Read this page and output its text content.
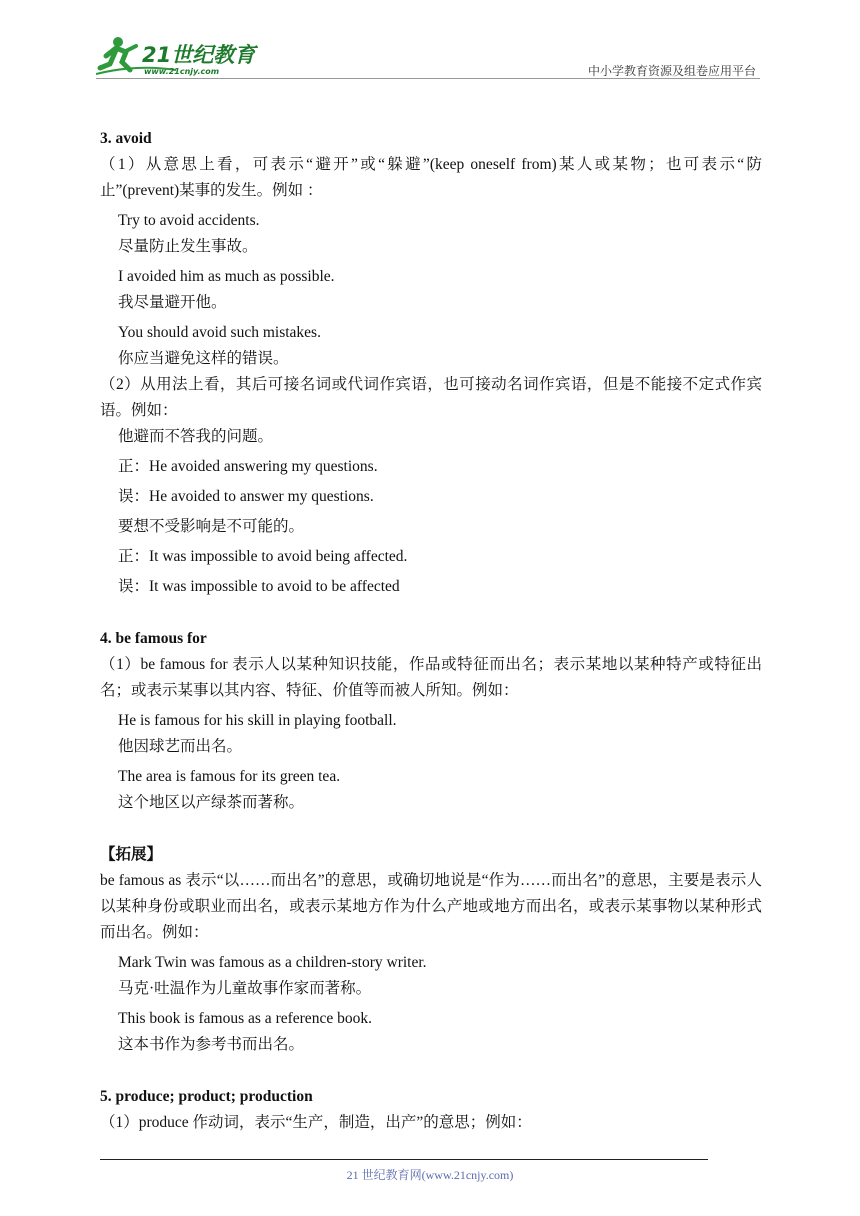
21世纪教育
www.21cnjy.com	中小学教育资源及组卷应用平台

3. avoid

（1）从意思上看，可表示“避开”或“躲避”(keep oneself from)某人或某物；也可表示“防止”(prevent)某事的发生。例如 ：

Try to avoid accidents.

尽量防止发生事故。

I avoided him as much as possible.

我尽量避开他。

You should avoid such mistakes.

你应当避免这样的错误。

（2）从用法上看，其后可接名词或代词作宾语，也可接动名词作宾语，但是不能接不定式作宾语。例如：

他避而不答我的问题。

正：He avoided answering my questions.

误：He avoided to answer my questions.

要想不受影响是不可能的。

正：It was impossible to avoid being affected.

误：It was impossible to avoid to be affected

4. be famous for

（1）be famous for 表示人以某种知识技能，作品或特征而出名；表示某地以某种特产或特征出名；或表示某事以其内容、特征、价值等而被人所知。例如：

He is famous for his skill in playing football.

他因球艺而出名。

The area is famous for its green tea.

这个地区以产绿茶而著称。

【拓展】

be famous as 表示“以……而出名”的意思，或确切地说是“作为……而出名”的意思，主要是表示人以某种身份或职业而出名，或表示某地方作为什么产地或地方而出名，或表示某事物以某种形式而出名。例如：

Mark Twin was famous as a children-story writer.

马克·吐温作为儿童故事作家而著称。

This book is famous as a reference book.

这本书作为参考书而出名。

5. produce; product; production

（1）produce 作动词，表示“生产，制造，出产”的意思；例如：

21 世纪教育网(www.21cnjy.com)
